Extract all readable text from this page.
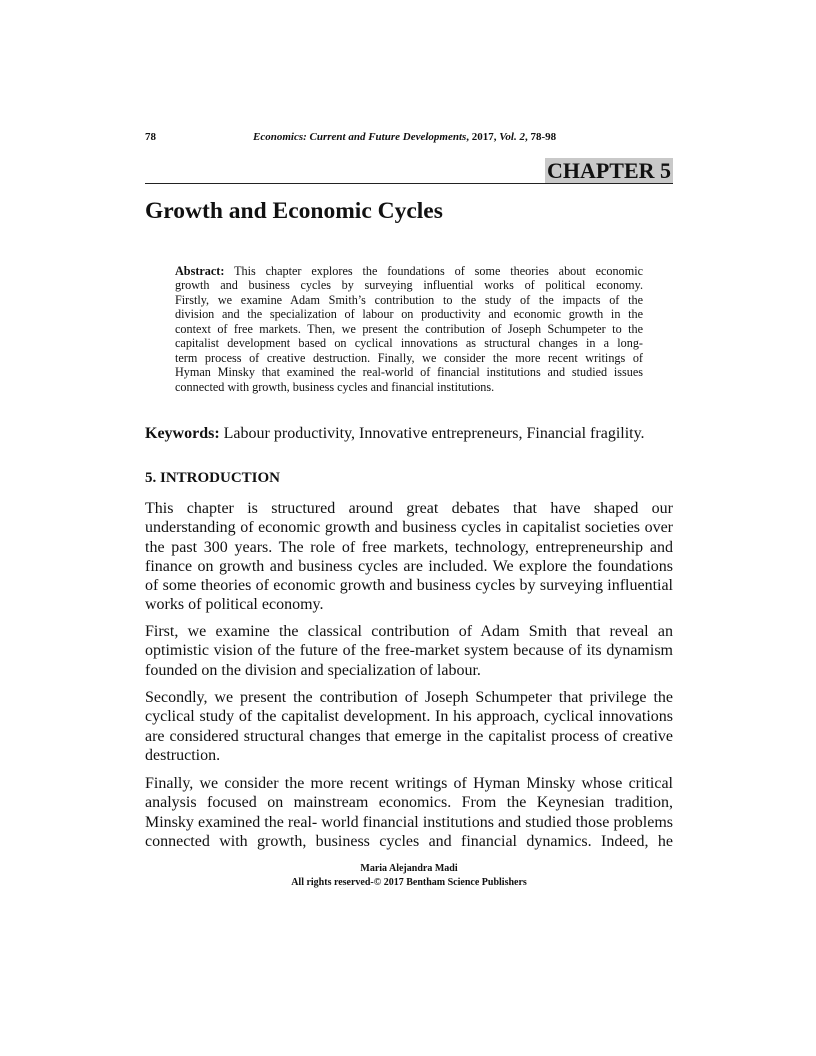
78	Economics: Current and Future Developments, 2017, Vol. 2, 78-98
CHAPTER 5
Growth and Economic Cycles
Abstract: This chapter explores the foundations of some theories about economic
growth and business cycles by surveying influential works of political economy.
Firstly, we examine Adam Smith’s contribution to the study of the impacts of the
division and the specialization of labour on productivity and economic growth in the
context of free markets. Then, we present the contribution of Joseph Schumpeter to the
capitalist development based on cyclical innovations as structural changes in a long-
term process of creative destruction. Finally, we consider the more recent writings of
Hyman Minsky that examined the real-world of financial institutions and studied issues
connected with growth, business cycles and financial institutions.
Keywords: Labour productivity, Innovative entrepreneurs, Financial fragility.
5. INTRODUCTION
This chapter is structured around great debates that have shaped our
understanding of economic growth and business cycles in capitalist societies over
the past 300 years. The role of free markets, technology, entrepreneurship and
finance on growth and business cycles are included. We explore the foundations
of some theories of economic growth and business cycles by surveying influential
works of political economy.
First, we examine the classical contribution of Adam Smith that reveal an
optimistic vision of the future of the free-market system because of its dynamism
founded on the division and specialization of labour.
Secondly, we present the contribution of Joseph Schumpeter that privilege the
cyclical study of the capitalist development. In his approach, cyclical innovations
are considered structural changes that emerge in the capitalist process of creative
destruction.
Finally, we consider the more recent writings of Hyman Minsky whose critical
analysis focused on mainstream economics. From the Keynesian tradition,
Minsky examined the real- world financial institutions and studied those problems
connected with growth, business cycles and financial dynamics. Indeed, he
Maria Alejandra Madi
All rights reserved-© 2017 Bentham Science Publishers
